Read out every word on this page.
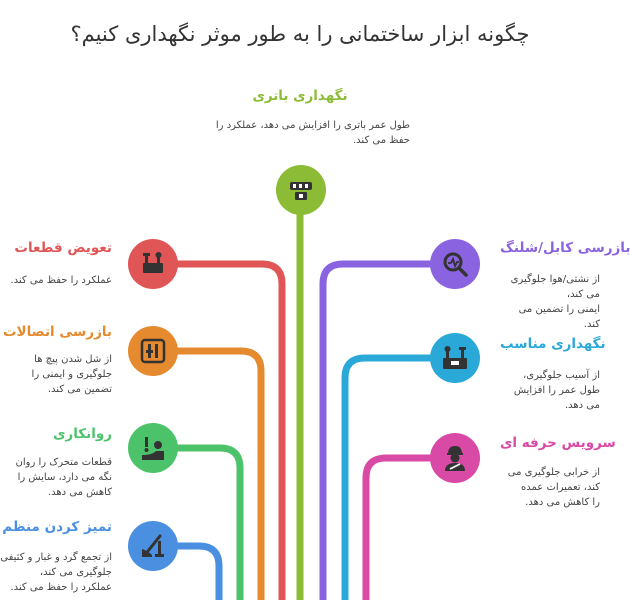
چگونه ابزار ساختمانی را به طور موثر نگهداری کنیم؟
نگهداری باتری
طول عمر باتری را افزایش می دهد، عملکرد را
حفظ می کند.
تعویض قطعات
عملکرد را حفظ می کند.
بازرسی اتصالات
از شل شدن پیچ ها جلوگیری و ایمنی را
تضمین می کند.
روانکاری
قطعات متحرک را روان نگه می دارد، سایش را
کاهش می دهد.
تمیز کردن منظم
از تجمع گرد و غبار و کثیفی جلوگیری می کند،
عملکرد را حفظ می کند.
بازرسی کابل/شلنگ
از نشتی/هوا جلوگیری می کند،
ایمنی را تضمین می کند.
نگهداری مناسب
از آسیب جلوگیری، طول عمر را افزایش
می دهد.
سرویس حرفه ای
از خرابی جلوگیری می کند، تعمیرات عمده
را کاهش می دهد.
